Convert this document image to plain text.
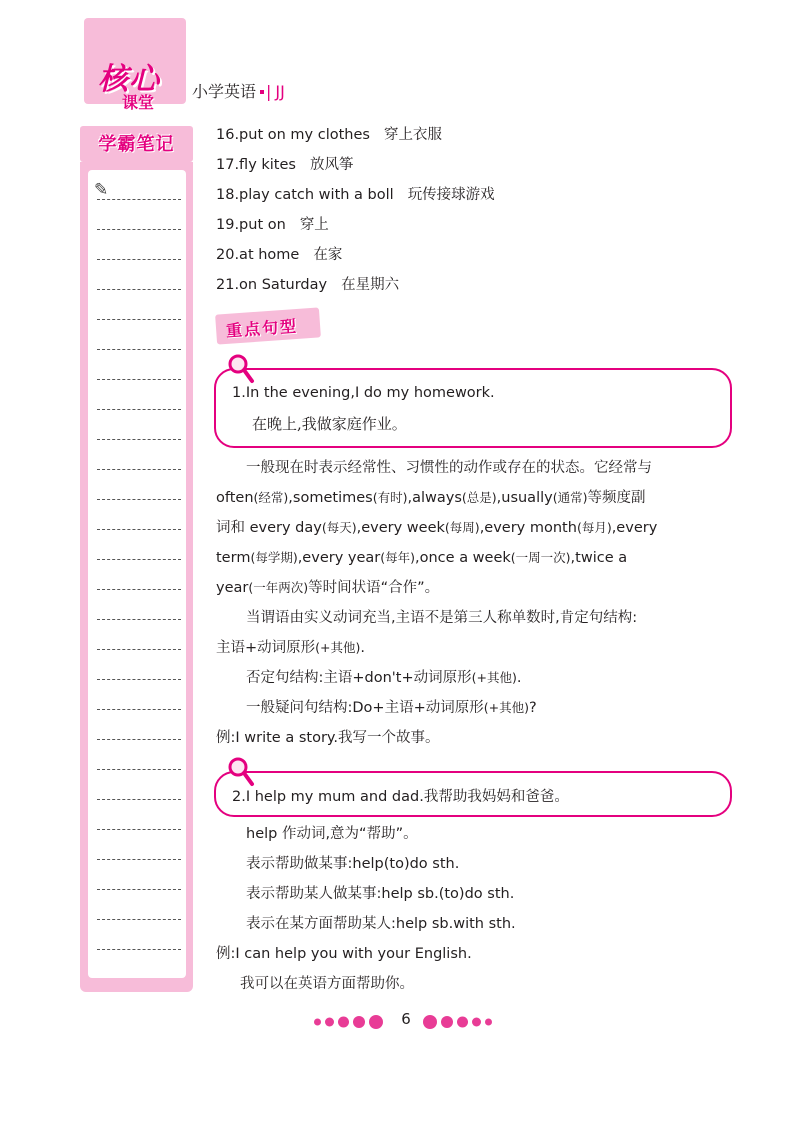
核心
课堂
小学英语 | JJ
学霸笔记
✎
16.put on my clothes 穿上衣服
17.fly kites 放风筝
18.play catch with a boll 玩传接球游戏
19.put on 穿上
20.at home 在家
21.on Saturday 在星期六
重点句型
1.In the evening,I do my homework.
在晚上,我做家庭作业。
一般现在时表示经常性、习惯性的动作或存在的状态。它经常与
often(经常),sometimes(有时),always(总是),usually(通常)等频度副
词和 every day(每天),every week(每周),every month(每月),every
term(每学期),every year(每年),once a week(一周一次),twice a
year(一年两次)等时间状语“合作”。
当谓语由实义动词充当,主语不是第三人称单数时,肯定句结构:
主语+动词原形(+其他).
否定句结构:主语+don't+动词原形(+其他).
一般疑问句结构:Do+主语+动词原形(+其他)?
例:I write a story.我写一个故事。
2.I help my mum and dad.我帮助我妈妈和爸爸。
help 作动词,意为“帮助”。
表示帮助做某事:help(to)do sth.
表示帮助某人做某事:help sb.(to)do sth.
表示在某方面帮助某人:help sb.with sth.
例:I can help you with your English.
我可以在英语方面帮助你。
6
